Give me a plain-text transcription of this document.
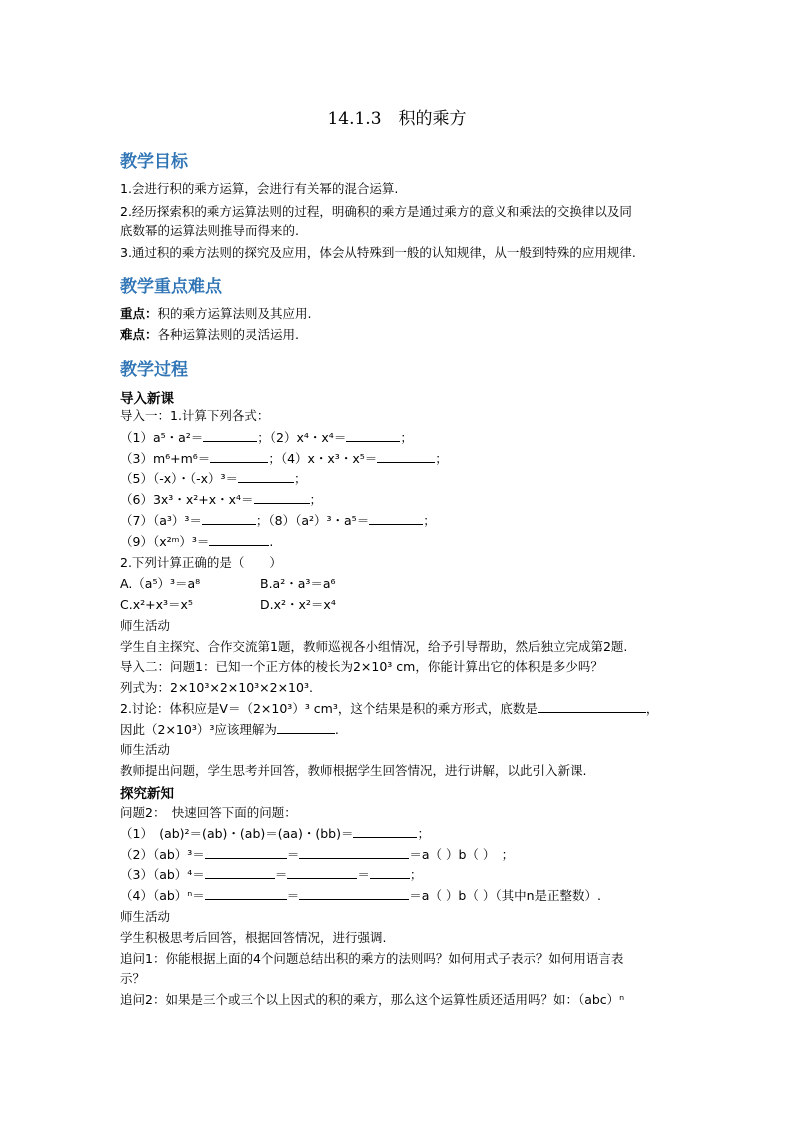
14.1.3　积的乘方
教学目标
1.会进行积的乘方运算，会进行有关幂的混合运算.
2.经历探索积的乘方运算法则的过程，明确积的乘方是通过乘方的意义和乘法的交换律以及同
底数幂的运算法则推导而得来的.
3.通过积的乘方法则的探究及应用，体会从特殊到一般的认知规律，从一般到特殊的应用规律.
教学重点难点
重点：积的乘方运算法则及其应用.
难点：各种运算法则的灵活运用.
教学过程
导入新课
导入一：1.计算下列各式：
（1）a⁵・a²＝	；（2）x⁴・x⁴＝	；
（3）m⁶+m⁶＝	；（4）x・x³・x⁵＝	；
（5）（-x）・（-x）³＝	；
（6）3x³・x²+x・x⁴＝	；
（7）（a³）³＝	；（8）（a²）³・a⁵＝	；
（9）（x²ᵐ）³＝	.
2.下列计算正确的是（　　）
A.（a⁵）³＝a⁸	B.a²・a³＝a⁶
C.x²+x³＝x⁵	D.x²・x²＝x⁴
师生活动
学生自主探究、合作交流第1题，教师巡视各小组情况，给予引导帮助，然后独立完成第2题.
导入二：问题1：已知一个正方体的棱长为2×10³ cm，你能计算出它的体积是多少吗？
列式为：2×10³×2×10³×2×10³.
2.讨论：体积应是V＝（2×10³）³ cm³，这个结果是积的乘方形式，底数是	，
因此（2×10³）³应该理解为	.
师生活动
教师提出问题，学生思考并回答，教师根据学生回答情况，进行讲解，以此引入新课.
探究新知
问题2：　快速回答下面的问题：
（1）　(ab)²＝(ab)・(ab)＝(aa)・(bb)＝	；
（2）（ab）³＝	＝	＝a（ ）b（ ）　；
（3）（ab）⁴＝	＝	＝	；
（4）（ab）ⁿ＝	＝	＝a（ ）b（ ）（其中n是正整数）.
师生活动
学生积极思考后回答，根据回答情况，进行强调.
追问1：你能根据上面的4个问题总结出积的乘方的法则吗？如何用式子表示？如何用语言表
示？
追问2：如果是三个或三个以上因式的积的乘方，那么这个运算性质还适用吗？如：（abc）ⁿ
